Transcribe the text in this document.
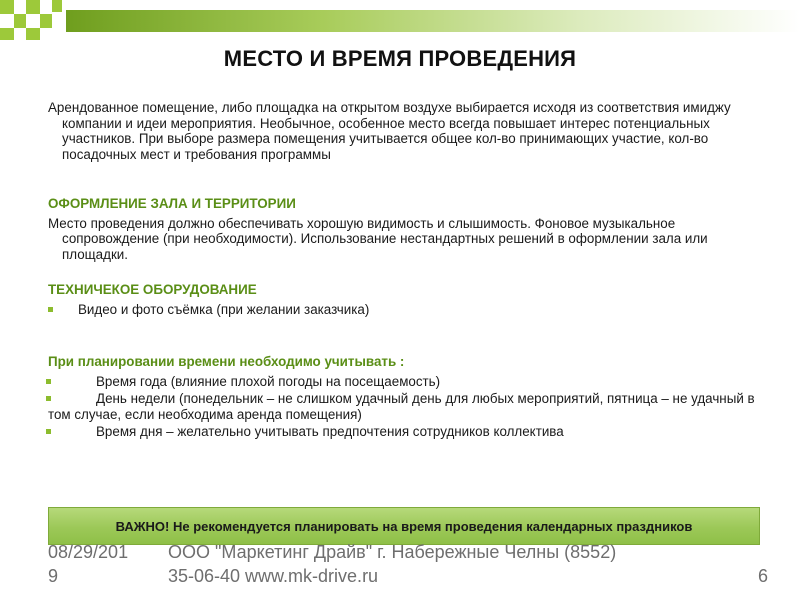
МЕСТО И ВРЕМЯ ПРОВЕДЕНИЯ

Арендованное помещение, либо площадка на открытом воздухе выбирается исходя из соответствия имиджу компании и идеи мероприятия. Необычное, особенное место всегда повышает интерес потенциальных участников. При выборе размера помещения учитывается общее кол-во принимающих участие, кол-во посадочных мест и требования программы

ОФОРМЛЕНИЕ ЗАЛА И ТЕРРИТОРИИ

Место проведения должно обеспечивать хорошую видимость и слышимость. Фоновое музыкальное сопровождение (при необходимости). Использование нестандартных решений в оформлении зала или площадки.

ТЕХНИЧЕКОЕ ОБОРУДОВАНИЕ

Видео и фото съёмка (при желании заказчика)

При планировании времени необходимо учитывать :

Время года (влияние плохой погоды на посещаемость)
День недели (понедельник – не слишком удачный день для любых мероприятий, пятница – не удачный в том случае, если необходима аренда помещения)
Время дня – желательно учитывать предпочтения сотрудников коллектива
ВАЖНО! Не рекомендуется планировать на время проведения календарных праздников
08/29/201
9
ООО "Маркетинг Драйв" г. Набережные Челны (8552)
35-06-40 www.mk-drive.ru	6
